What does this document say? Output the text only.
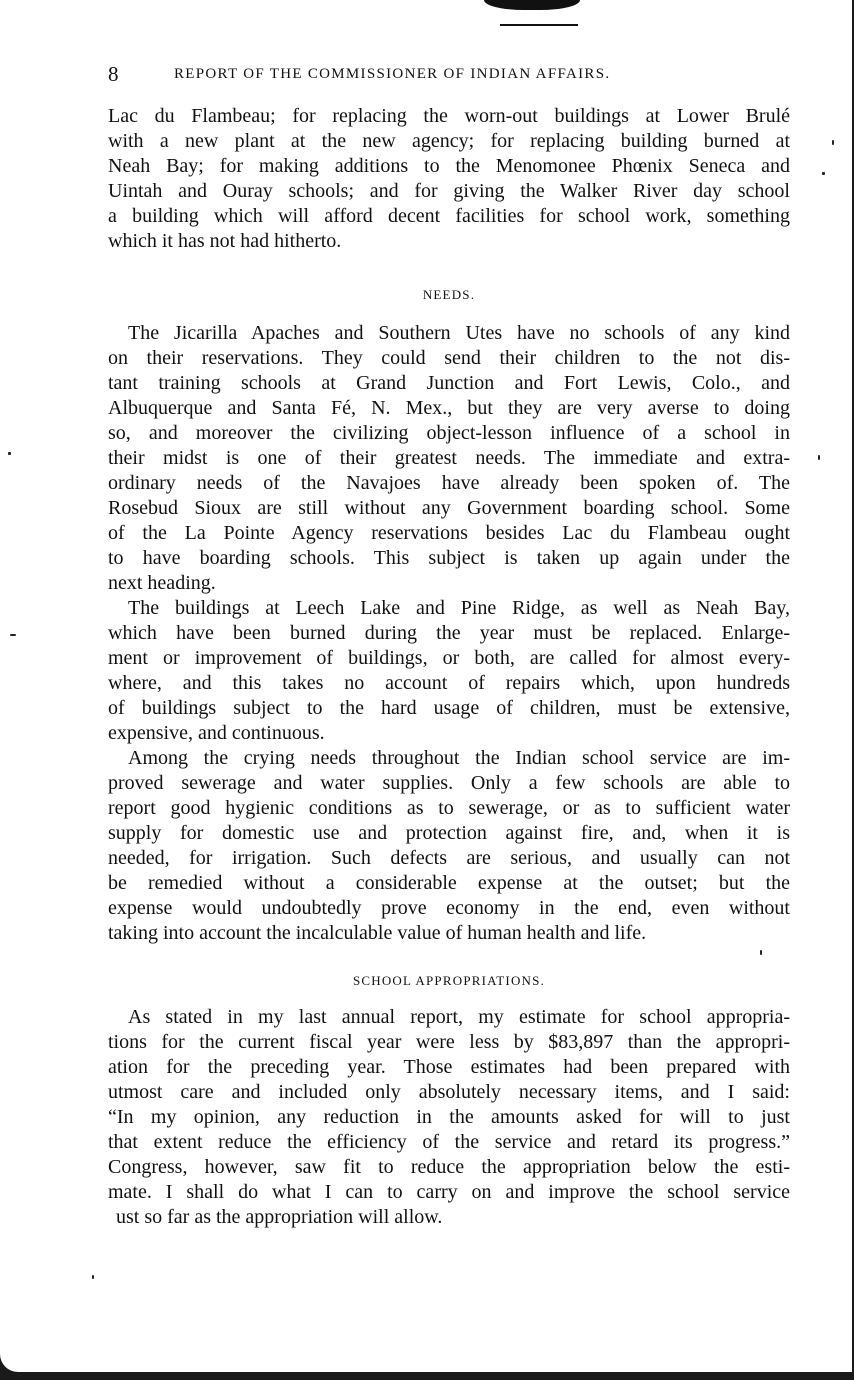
8	REPORT OF THE COMMISSIONER OF INDIAN AFFAIRS.
Lac du Flambeau; for replacing the worn-out buildings at Lower Brulé
with a new plant at the new agency; for replacing building burned at
Neah Bay; for making additions to the Menomonee Phœnix Seneca and
Uintah and Ouray schools; and for giving the Walker River day school
a building which will afford decent facilities for school work, something
which it has not had hitherto.
NEEDS.
The Jicarilla Apaches and Southern Utes have no schools of any kind
on their reservations. They could send their children to the not dis-
tant training schools at Grand Junction and Fort Lewis, Colo., and
Albuquerque and Santa Fé, N. Mex., but they are very averse to doing
so, and moreover the civilizing object-lesson influence of a school in
their midst is one of their greatest needs. The immediate and extra-
ordinary needs of the Navajoes have already been spoken of. The
Rosebud Sioux are still without any Government boarding school. Some
of the La Pointe Agency reservations besides Lac du Flambeau ought
to have boarding schools. This subject is taken up again under the
next heading.
The buildings at Leech Lake and Pine Ridge, as well as Neah Bay,
which have been burned during the year must be replaced. Enlarge-
ment or improvement of buildings, or both, are called for almost every-
where, and this takes no account of repairs which, upon hundreds
of buildings subject to the hard usage of children, must be extensive,
expensive, and continuous.
Among the crying needs throughout the Indian school service are im-
proved sewerage and water supplies. Only a few schools are able to
report good hygienic conditions as to sewerage, or as to sufficient water
supply for domestic use and protection against fire, and, when it is
needed, for irrigation. Such defects are serious, and usually can not
be remedied without a considerable expense at the outset; but the
expense would undoubtedly prove economy in the end, even without
taking into account the incalculable value of human health and life.
SCHOOL APPROPRIATIONS.
As stated in my last annual report, my estimate for school appropria-
tions for the current fiscal year were less by $83,897 than the appropri-
ation for the preceding year. Those estimates had been prepared with
utmost care and included only absolutely necessary items, and I said:
“In my opinion, any reduction in the amounts asked for will to just
that extent reduce the efficiency of the service and retard its progress.”
Congress, however, saw fit to reduce the appropriation below the esti-
mate. I shall do what I can to carry on and improve the school service
ust so far as the appropriation will allow.
